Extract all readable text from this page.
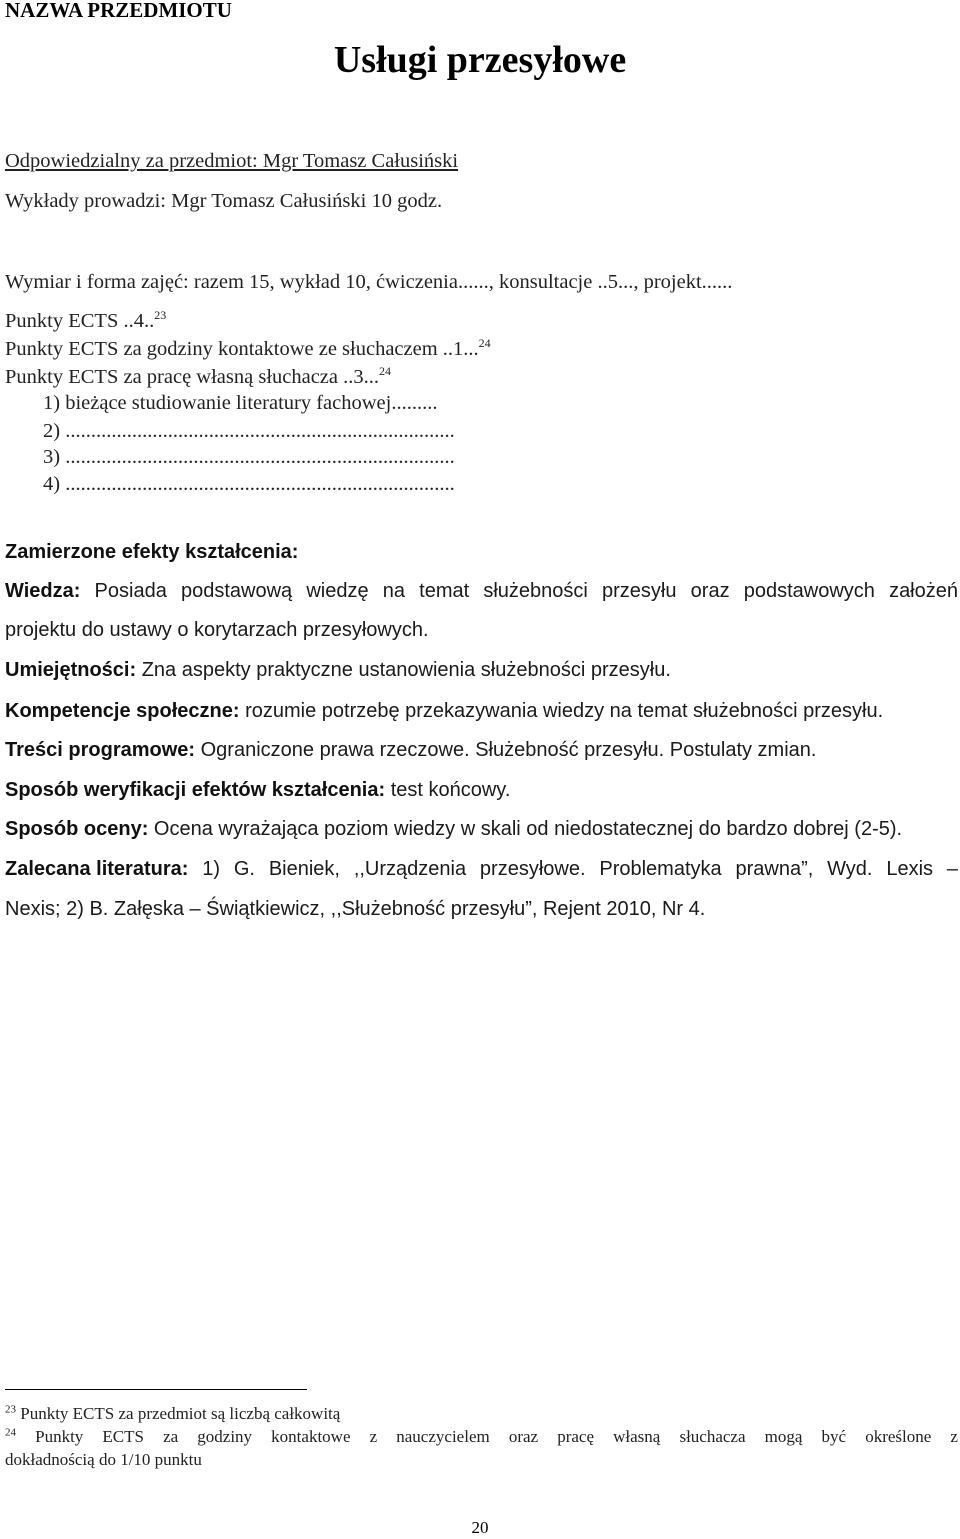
NAZWA PRZEDMIOTU
Usługi przesyłowe
Odpowiedzialny za przedmiot: Mgr Tomasz Całusiński
Wykłady prowadzi: Mgr Tomasz Całusiński 10 godz.
Wymiar i forma zajęć: razem 15, wykład 10, ćwiczenia......, konsultacje ..5..., projekt......
Punkty ECTS ..4..$^{23}$
Punkty ECTS za godziny kontaktowe ze słuchaczem ..1...$^{24}$
Punkty ECTS za pracę własną słuchacza ..3...$^{24}$
1) bieżące studiowanie literatury fachowej.........
2) ............................................................................
3) ............................................................................
4) ............................................................................
Zamierzone efekty kształcenia:
Wiedza: Posiada podstawową wiedzę na temat służebności przesyłu oraz podstawowych założeń
projektu do ustawy o korytarzach przesyłowych.
Umiejętności: Zna aspekty praktyczne ustanowienia służebności przesyłu.
Kompetencje społeczne: rozumie potrzebę przekazywania wiedzy na temat służebności przesyłu.
Treści programowe: Ograniczone prawa rzeczowe. Służebność przesyłu. Postulaty zmian.
Sposób weryfikacji efektów kształcenia: test końcowy.
Sposób oceny: Ocena wyrażająca poziom wiedzy w skali od niedostatecznej do bardzo dobrej (2-5).
Zalecana literatura: 1) G. Bieniek, ,,Urządzenia przesyłowe. Problematyka prawna”, Wyd. Lexis –
Nexis; 2) B. Załęska – Świątkiewicz, ,,Służebność przesyłu”, Rejent 2010, Nr 4.
$^{23}$ Punkty ECTS za przedmiot są liczbą całkowitą
$^{24}$ Punkty ECTS za godziny kontaktowe z nauczycielem oraz pracę własną słuchacza mogą być określone z
dokładnością do 1/10 punktu
20
